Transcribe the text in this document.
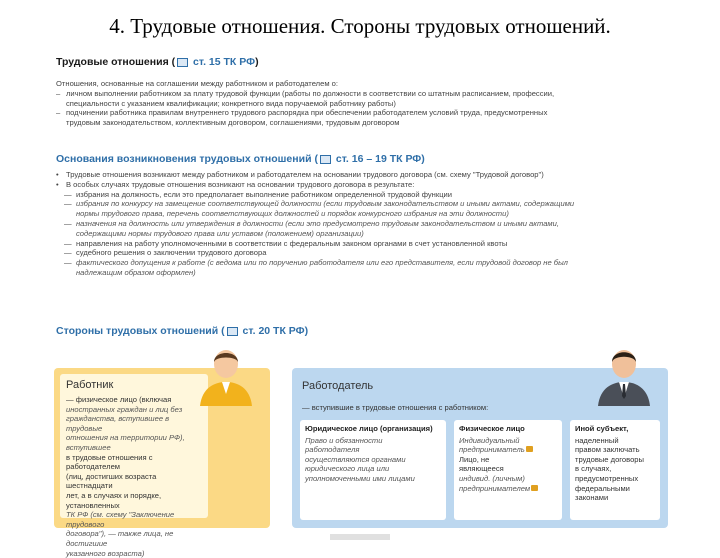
4. Трудовые отношения. Стороны трудовых отношений.
Трудовые отношения ( ст. 15 ТК РФ)
Отношения, основанные на соглашении между работником и работодателем о:
– личном выполнении работником за плату трудовой функции (работы по должности в соответствии со штатным расписанием, профессии,
специальности с указанием квалификации; конкретного вида поручаемой работнику работы)
– подчинении работника правилам внутреннего трудового распорядка при обеспечении работодателем условий труда, предусмотренных
трудовым законодательством, коллективным договором, соглашениями, трудовым договором
Основания возникновения трудовых отношений ( ст. 16 – 19 ТК РФ)
• Трудовые отношения возникают между работником и работодателем на основании трудового договора (см. схему "Трудовой договор")
• В особых случаях трудовые отношения возникают на основании трудового договора в результате:
— избрания на должность, если это предполагает выполнение работником определенной трудовой функции
— избрания по конкурсу на замещение соответствующей должности (если трудовым законодательством и иными актами, содержащими
нормы трудового права, перечень соответствующих должностей и порядок конкурсного избрания на эти должности)
— назначения на должность или утверждения в должности (если это предусмотрено трудовым законодательством и иными актами,
содержащими нормы трудового права или уставом (положением) организации)
— направления на работу уполномоченными в соответствии с федеральным законом органами в счет установленной квоты
— судебного решения о заключении трудового договора
— фактического допущения к работе (с ведома или по поручению работодателя или его представителя, если трудовой договор не был
надлежащим образом оформлен)
Стороны трудовых отношений ( ст. 20 ТК РФ)
Работник
— физическое лицо (включая
иностранных граждан и лиц без
гражданства, вступившее в трудовые
отношения на территории РФ), вступившее
в трудовые отношения с работодателем
(лиц, достигших возраста шестнадцати
лет, а в случаях и порядке, установленных
ТК РФ (см. схему "Заключение трудового
договора"), — также лица, не достигшие
указанного возраста)
Работодатель
— вступившие в трудовые отношения с работником:
Юридическое лицо (организация)
Право и обязанности
работодателя
осуществляются органами
юридического лица или
уполномоченными ими лицами
Физическое лицо
Индивидуальный
предприниматель
Лицо, не
являющееся
индивид. (личным)
предпринимателем
Иной субъект,
наделенный
правом заключать
трудовые договоры
в случаях,
предусмотренных
федеральными
законами
